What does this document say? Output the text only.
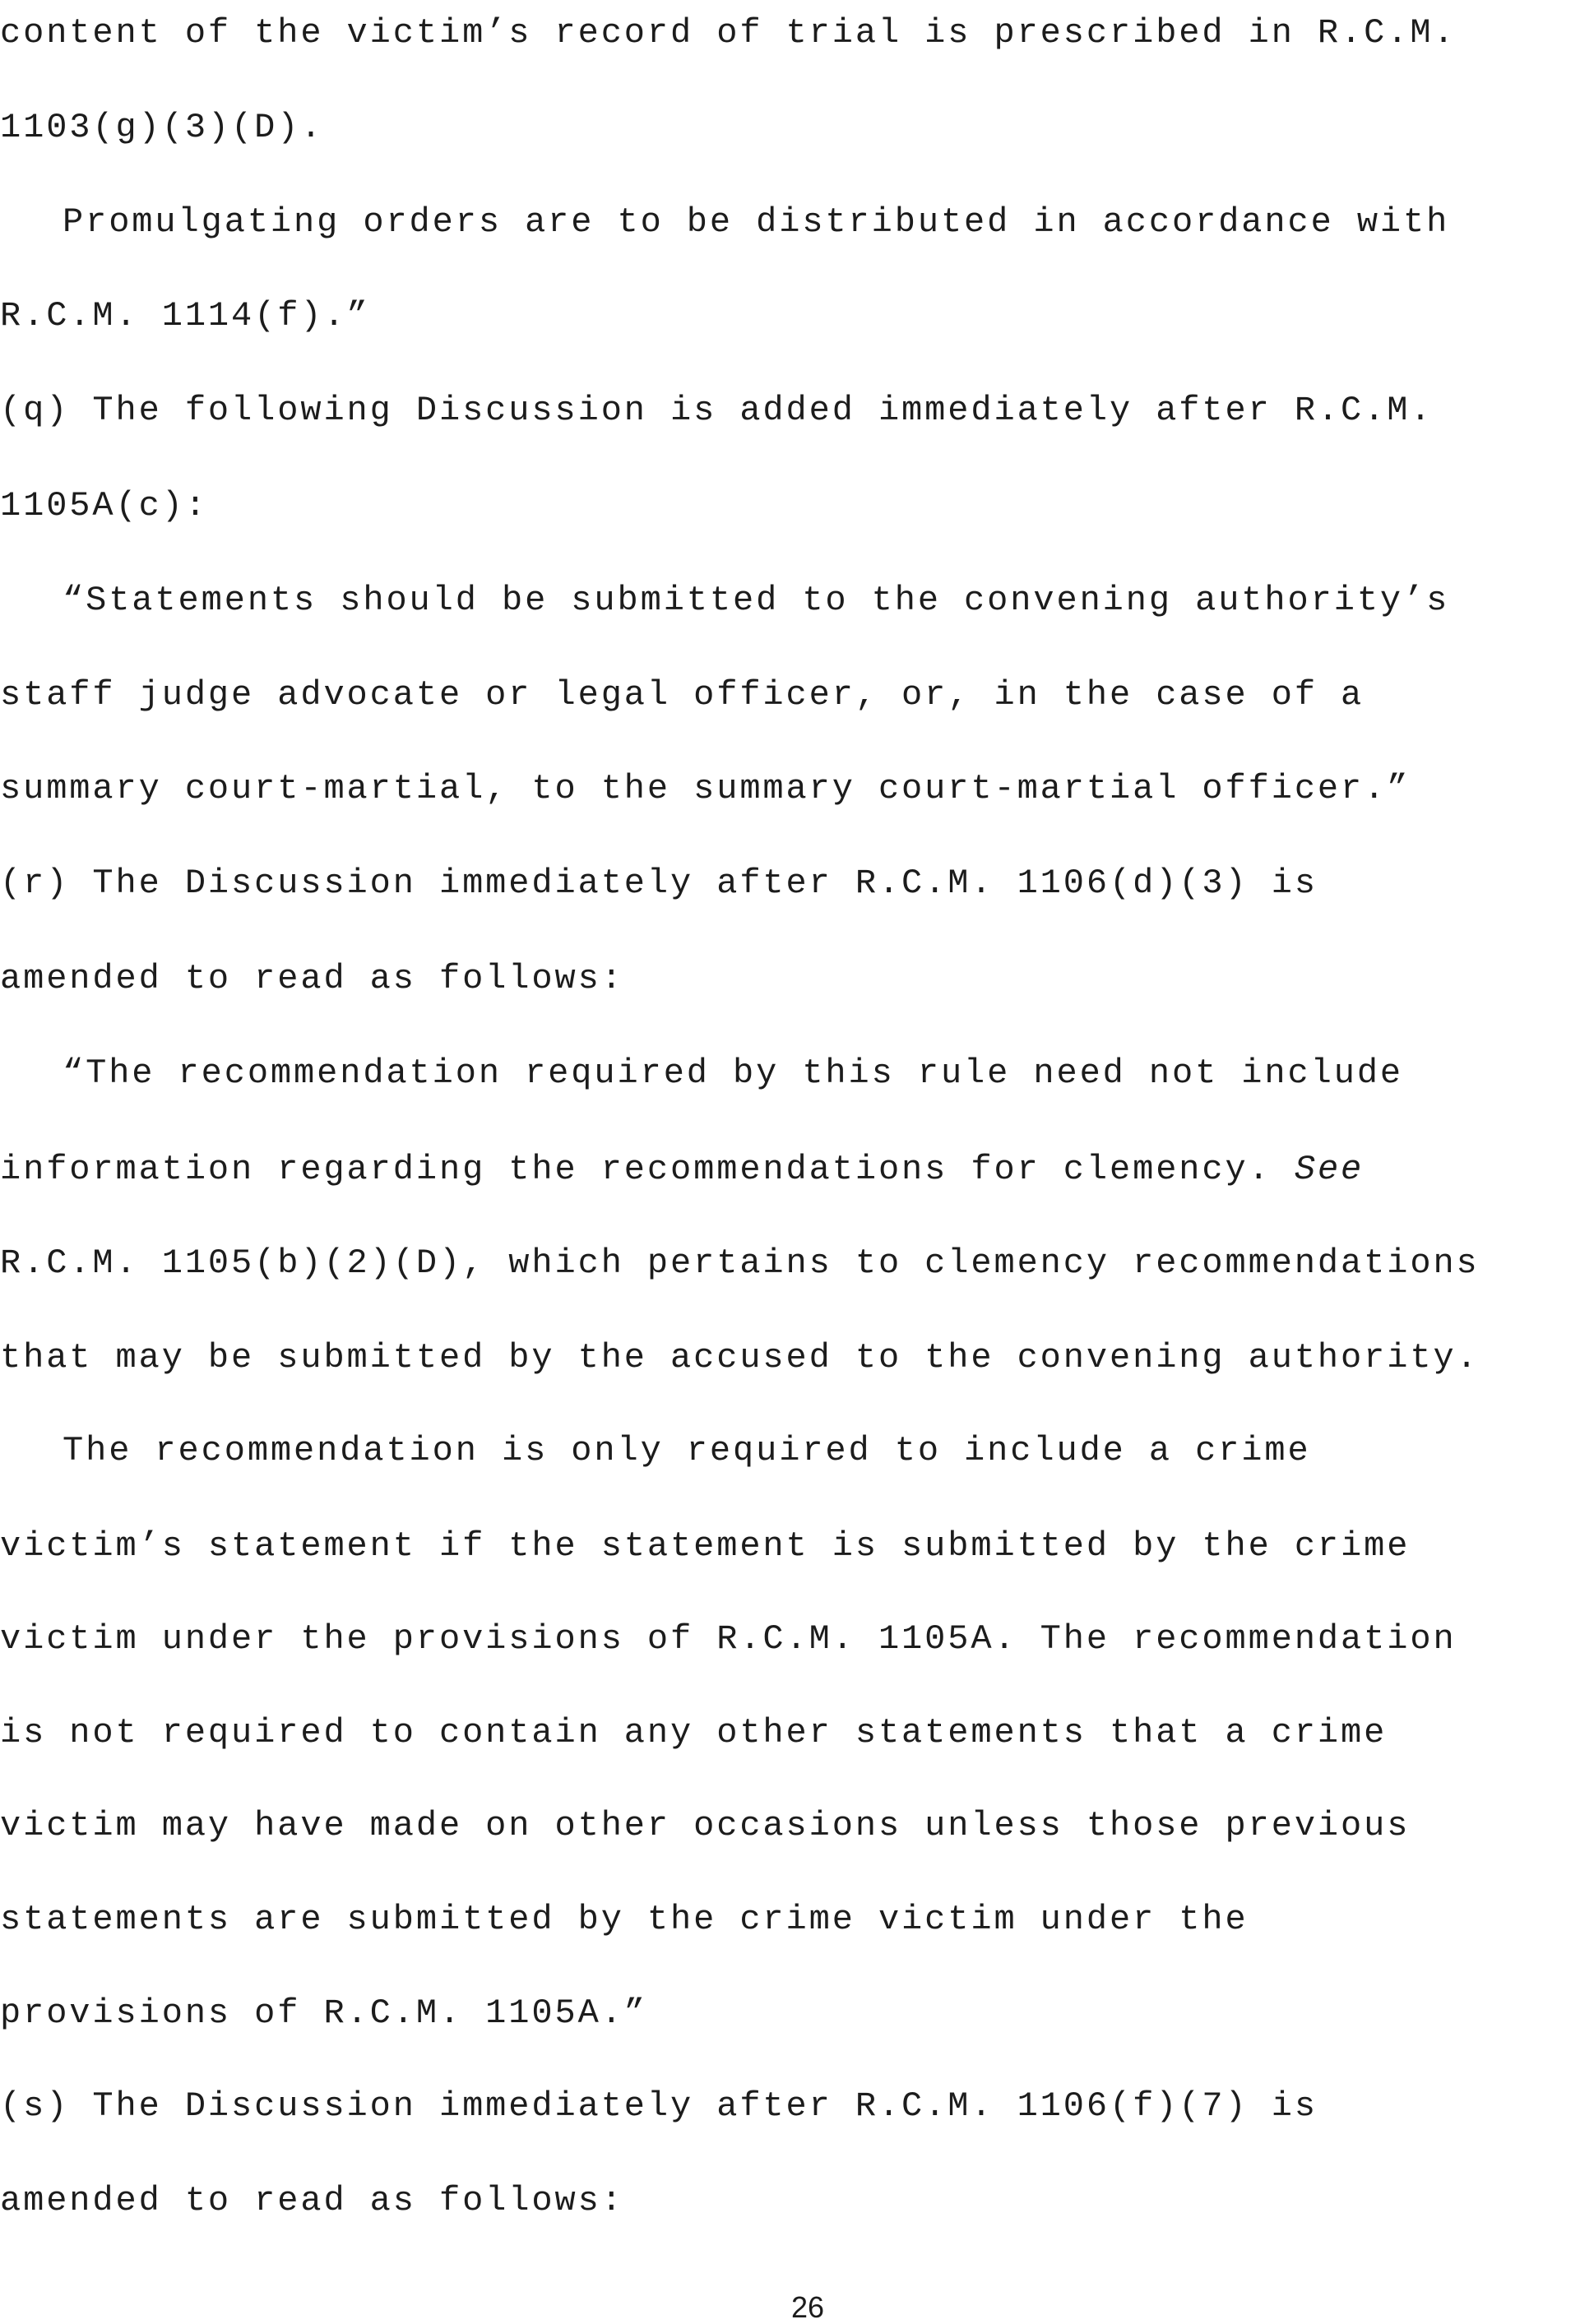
content of the victim’s record of trial is prescribed in R.C.M.
1103(g)(3)(D).
Promulgating orders are to be distributed in accordance with
R.C.M. 1114(f).”
(q) The following Discussion is added immediately after R.C.M.
1105A(c):
“Statements should be submitted to the convening authority’s
staff judge advocate or legal officer, or, in the case of a
summary court-martial, to the summary court-martial officer.”
(r) The Discussion immediately after R.C.M. 1106(d)(3) is
amended to read as follows:
“The recommendation required by this rule need not include
information regarding the recommendations for clemency. See
R.C.M. 1105(b)(2)(D), which pertains to clemency recommendations
that may be submitted by the accused to the convening authority.
The recommendation is only required to include a crime
victim’s statement if the statement is submitted by the crime
victim under the provisions of R.C.M. 1105A. The recommendation
is not required to contain any other statements that a crime
victim may have made on other occasions unless those previous
statements are submitted by the crime victim under the
provisions of R.C.M. 1105A.”
(s) The Discussion immediately after R.C.M. 1106(f)(7) is
amended to read as follows:
26
